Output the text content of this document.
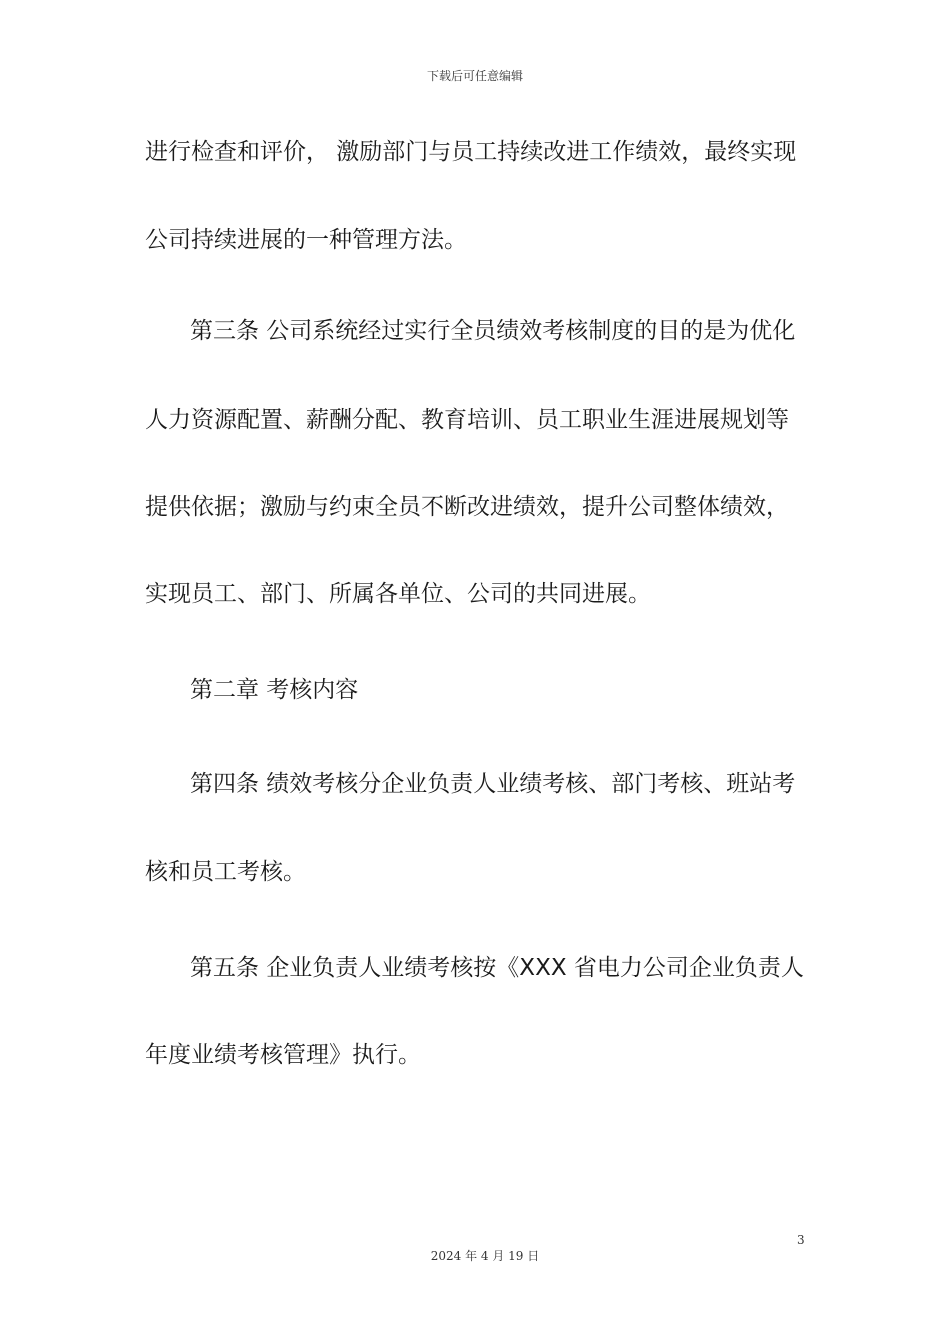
下载后可任意编辑
进行检查和评价， 激励部门与员工持续改进工作绩效，最终实现
公司持续进展的一种管理方法。
第三条 公司系统经过实行全员绩效考核制度的目的是为优化
人力资源配置、薪酬分配、教育培训、员工职业生涯进展规划等
提供依据；激励与约束全员不断改进绩效，提升公司整体绩效，
实现员工、部门、所属各单位、公司的共同进展。
第二章 考核内容
第四条 绩效考核分企业负责人业绩考核、部门考核、班站考
核和员工考核。
第五条 企业负责人业绩考核按《XXX 省电力公司企业负责人
年度业绩考核管理》执行。
3
2024 年 4 月 19 日
